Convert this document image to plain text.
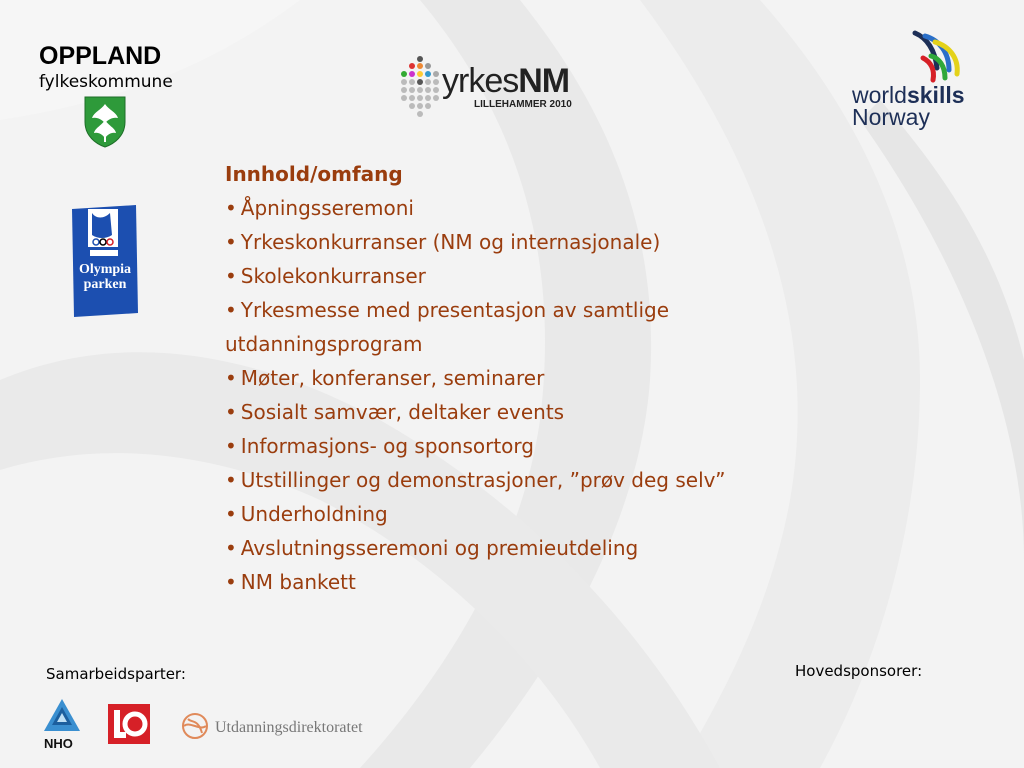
OPPLAND
fylkeskommune	yrkesNM
LILLEHAMMER 2010	worldskills
Norway
Olympia
parken
Innhold/omfang
• Åpningsseremoni
• Yrkeskonkurranser (NM og internasjonale)
• Skolekonkurranser
• Yrkesmesse med presentasjon av samtlige utdanningsprogram
• Møter, konferanser, seminarer
• Sosialt samvær, deltaker events
• Informasjons- og sponsortorg
• Utstillinger og demonstrasjoner, ”prøv deg selv”
• Underholdning
• Avslutningsseremoni og premieutdeling
• NM bankett
Samarbeidsparter:	Hovedsponsorer:
NHO
Utdanningsdirektoratet
